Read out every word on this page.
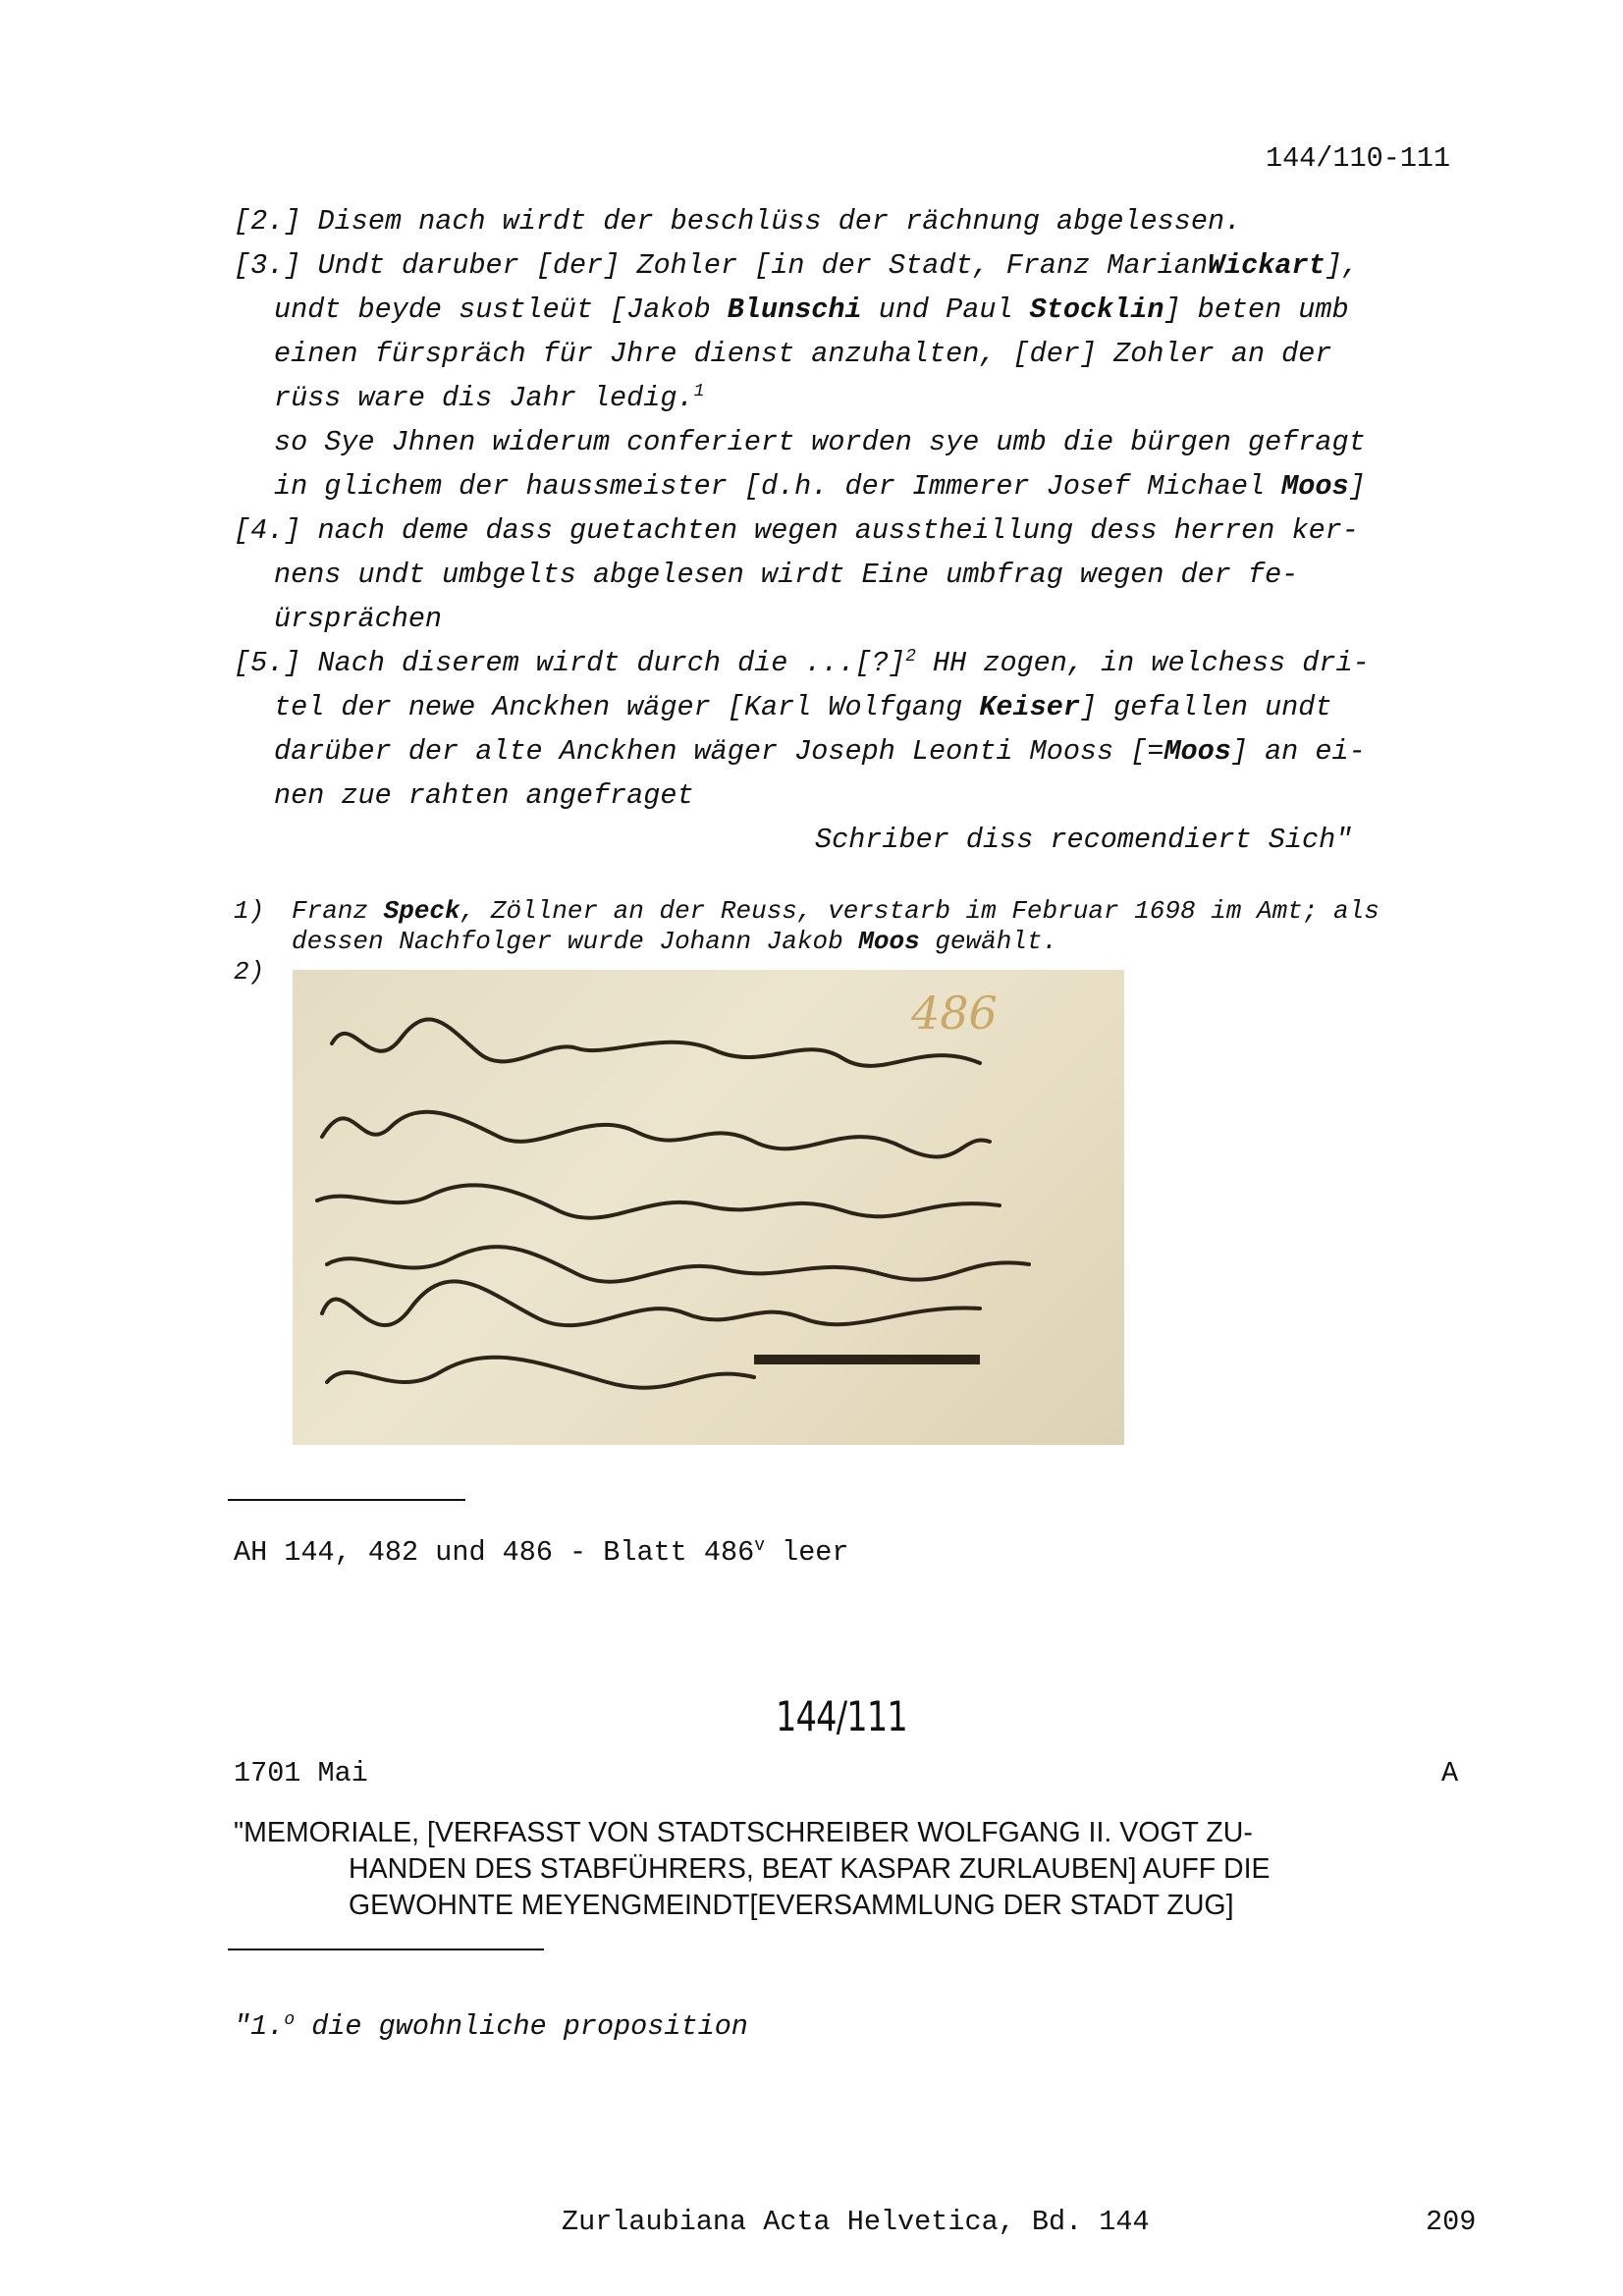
144/110-111
[2.] Disem nach wirdt der beschlüss der rächnung abgelessen.
[3.] Undt daruber [der] Zohler [in der Stadt, Franz MarianWickart],
undt beyde sustleüt [Jakob Blunschi und Paul Stocklin] beten umb
einen fürspräch für Jhre dienst anzuhalten, [der] Zohler an der
rüss ware dis Jahr ledig.$^1$
so Sye Jhnen widerum conferiert worden sye umb die bürgen gefragt
in glichem der haussmeister [d.h. der Immerer Josef Michael Moos]
[4.] nach deme dass guetachten wegen ausstheillung dess herren ker-
nens undt umbgelts abgelesen wirdt Eine umbfrag wegen der fe-
ürsprächen
[5.] Nach diserem wirdt durch die ...[?]$^2$ HH zogen, in welchess dri-
tel der newe Anckhen wäger [Karl Wolfgang Keiser] gefallen undt
darüber der alte Anckhen wäger Joseph Leonti Mooss [=Moos] an ei-
nen zue rahten angefraget
Schriber diss recomendiert Sich"
1) Franz Speck, Zöllner an der Reuss, verstarb im Februar 1698 im Amt; als
dessen Nachfolger wurde Johann Jakob Moos gewählt.
2)
486
AH 144, 482 und 486 - Blatt 486$^v$ leer
144/111
1701 Mai	A
"MEMORIALE, [VERFASST VON STADTSCHREIBER WOLFGANG II. VOGT ZU-
HANDEN DES STABFÜHRERS, BEAT KASPAR ZURLAUBEN] AUFF DIE
GEWOHNTE MEYENGMEINDT[EVERSAMMLUNG DER STADT ZUG]
"1.$^o$ die gwohnliche proposition
Zurlaubiana Acta Helvetica, Bd. 144	209
